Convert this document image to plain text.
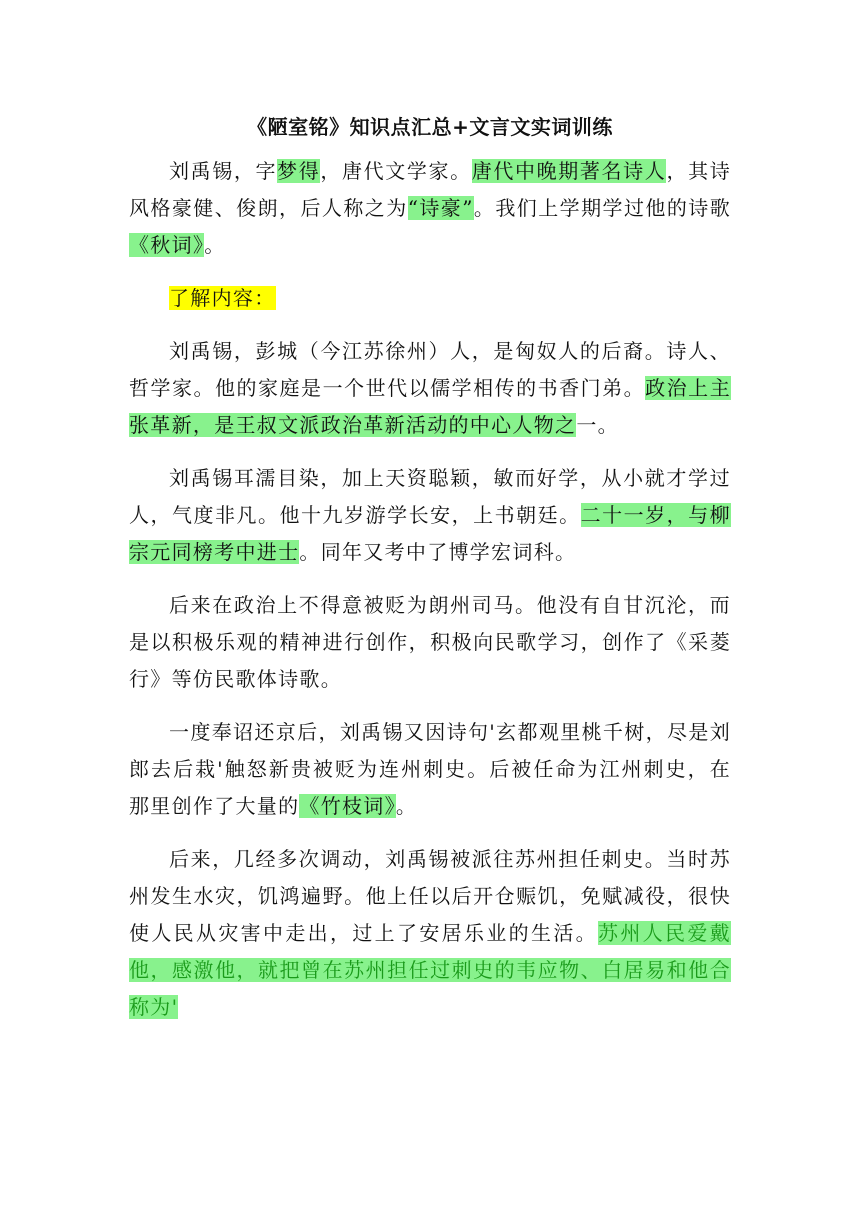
《陋室铭》知识点汇总+文言文实词训练

刘禹锡，字梦得，唐代文学家。唐代中晚期著名诗人，其诗风格豪健、俊朗，后人称之为“诗豪”。我们上学期学过他的诗歌《秋词》。

了解内容：

刘禹锡，彭城（今江苏徐州）人，是匈奴人的后裔。诗人、哲学家。他的家庭是一个世代以儒学相传的书香门弟。政治上主张革新，是王叔文派政治革新活动的中心人物之一。

刘禹锡耳濡目染，加上天资聪颖，敏而好学，从小就才学过人，气度非凡。他十九岁游学长安，上书朝廷。二十一岁，与柳宗元同榜考中进士。同年又考中了博学宏词科。

后来在政治上不得意被贬为朗州司马。他没有自甘沉沦，而是以积极乐观的精神进行创作，积极向民歌学习，创作了《采菱行》等仿民歌体诗歌。

一度奉诏还京后，刘禹锡又因诗句'玄都观里桃千树，尽是刘郎去后栽'触怒新贵被贬为连州刺史。后被任命为江州刺史，在那里创作了大量的《竹枝词》。

后来，几经多次调动，刘禹锡被派往苏州担任刺史。当时苏州发生水灾，饥鸿遍野。他上任以后开仓赈饥，免赋减役，很快使人民从灾害中走出，过上了安居乐业的生活。苏州人民爱戴他，感激他，就把曾在苏州担任过刺史的韦应物、白居易和他合称为'
